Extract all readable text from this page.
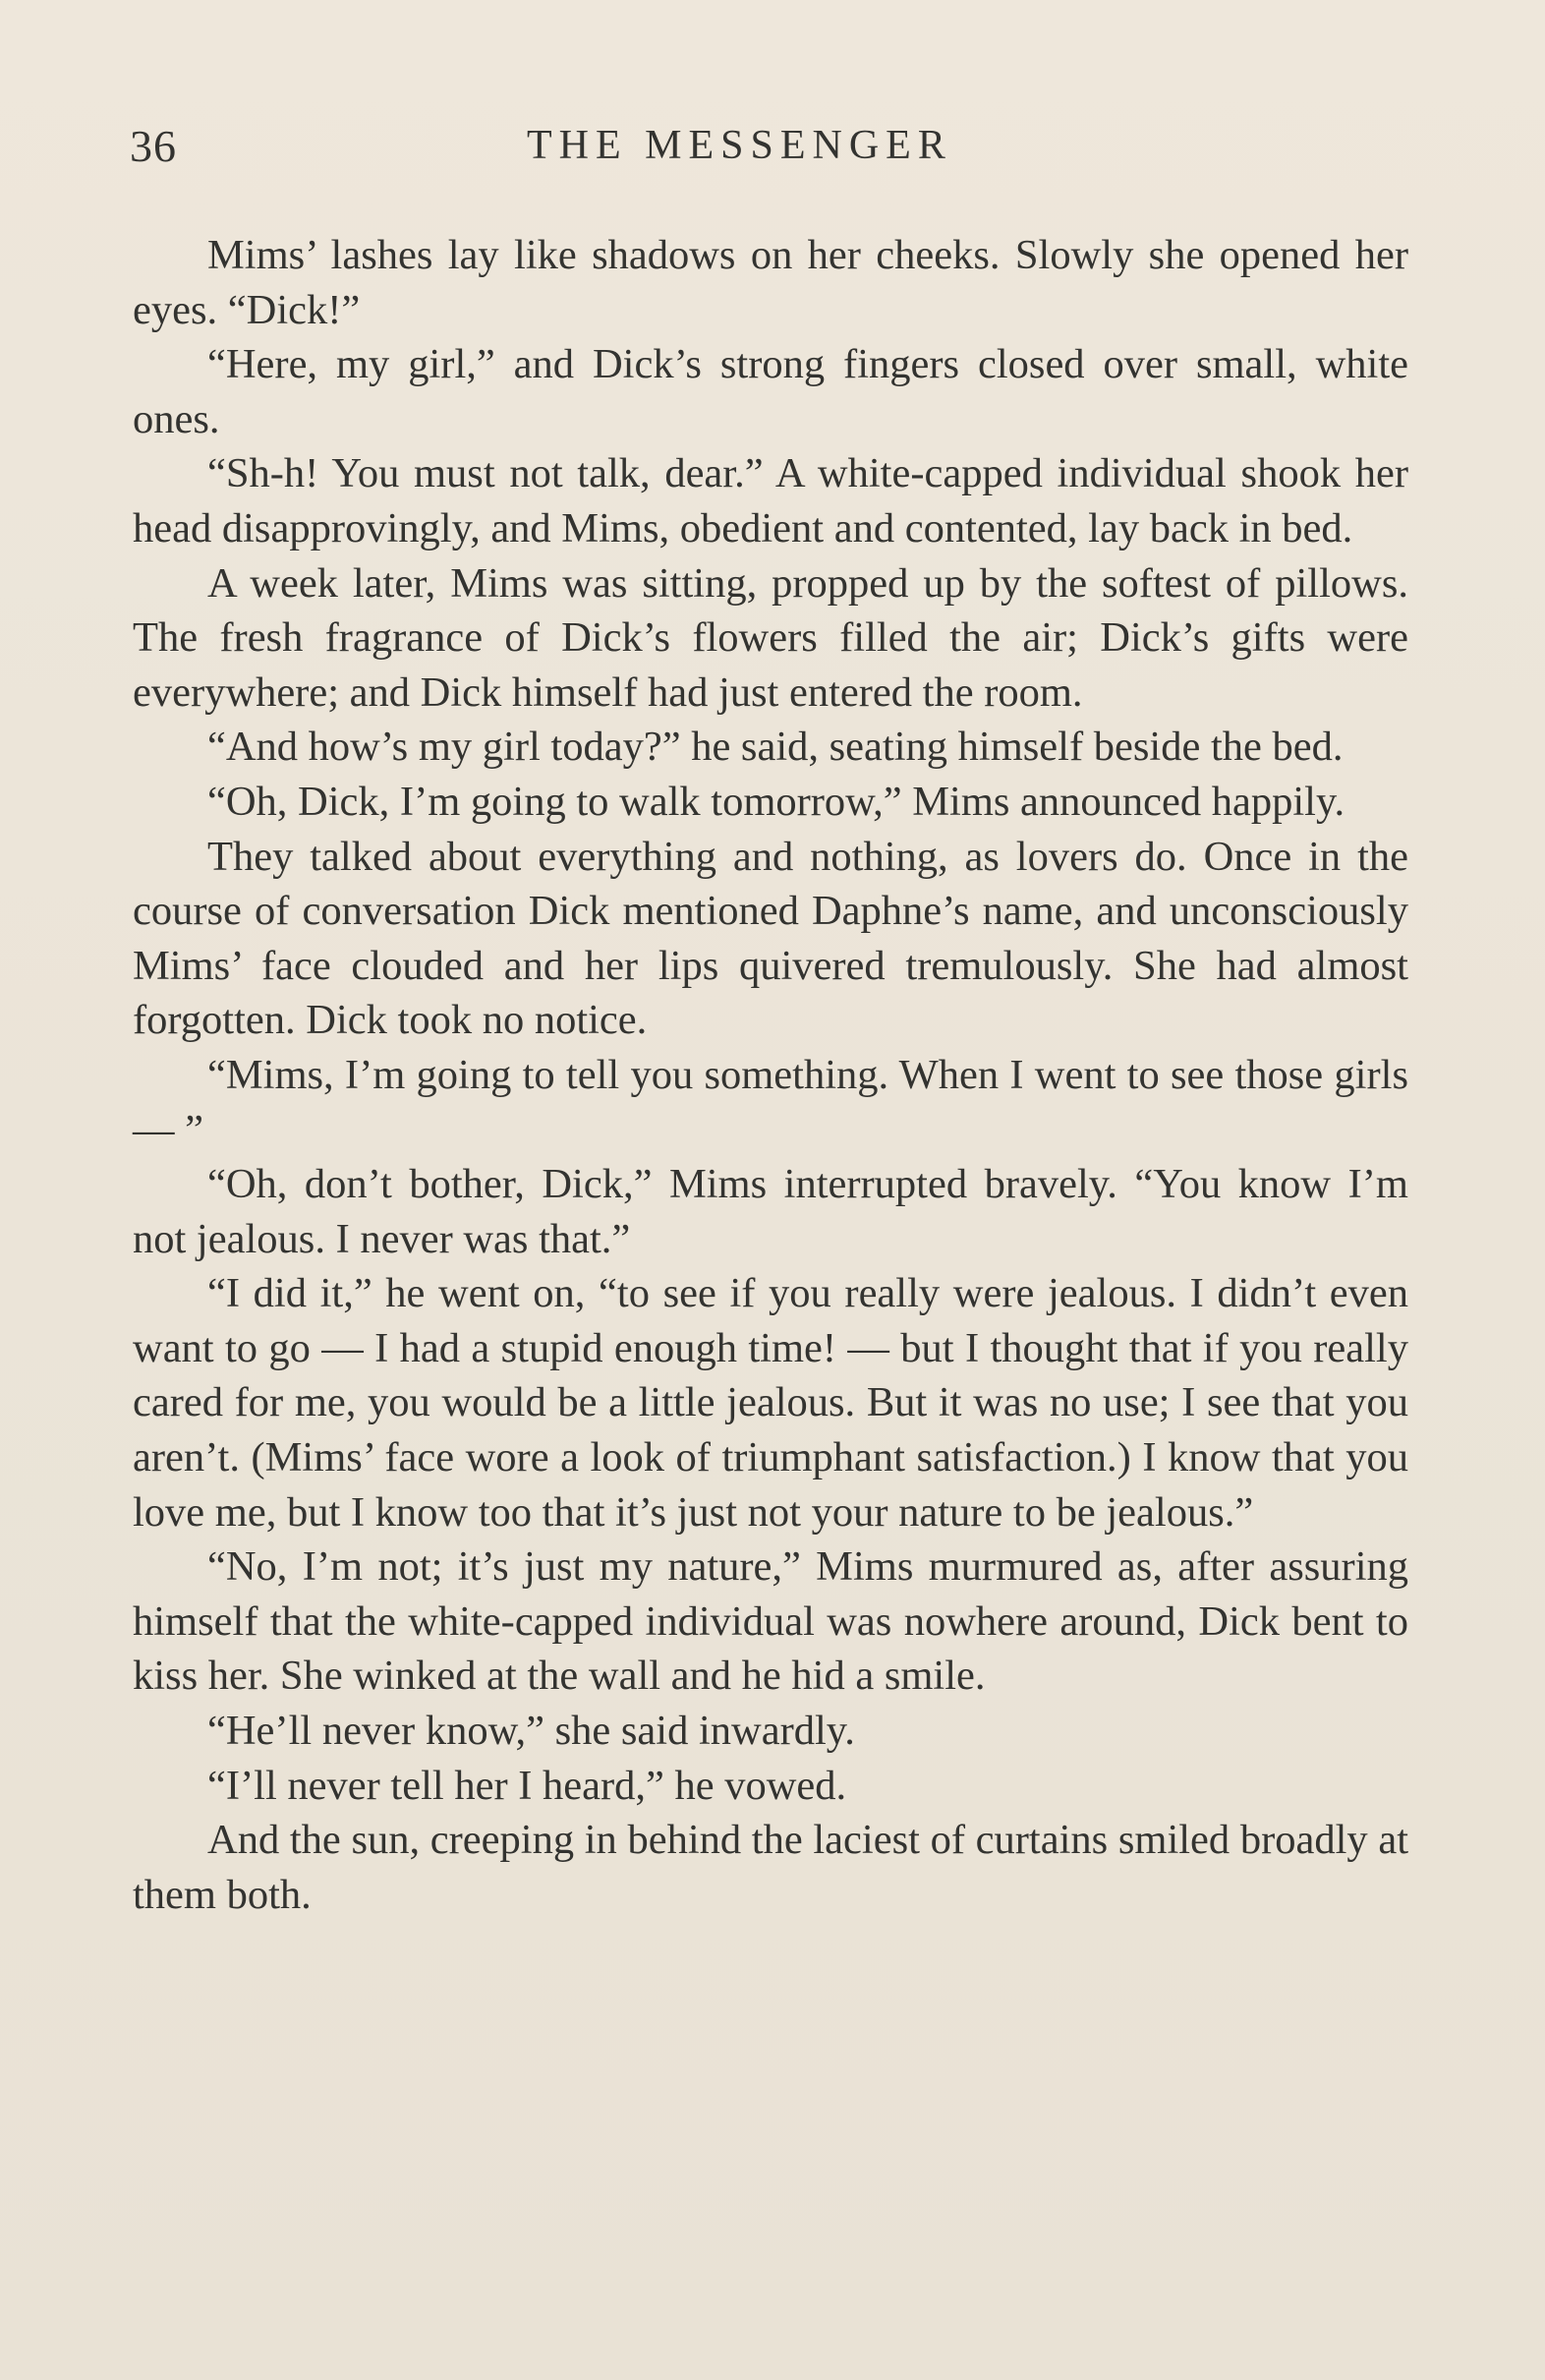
36	THE MESSENGER

Mims’ lashes lay like shadows on her cheeks. Slowly she opened her eyes. “Dick!”

“Here, my girl,” and Dick’s strong fingers closed over small, white ones.

“Sh-h! You must not talk, dear.” A white-capped individual shook her head disapprovingly, and Mims, obedient and contented, lay back in bed.

A week later, Mims was sitting, propped up by the softest of pillows. The fresh fragrance of Dick’s flowers filled the air; Dick’s gifts were everywhere; and Dick himself had just entered the room.

“And how’s my girl today?” he said, seating himself beside the bed.

“Oh, Dick, I’m going to walk tomorrow,” Mims announced happily.

They talked about everything and nothing, as lovers do. Once in the course of conversation Dick mentioned Daphne’s name, and unconsciously Mims’ face clouded and her lips quivered tremulously. She had almost forgotten. Dick took no notice.

“Mims, I’m going to tell you something. When I went to see those girls — ”

“Oh, don’t bother, Dick,” Mims interrupted bravely. “You know I’m not jealous. I never was that.”

“I did it,” he went on, “to see if you really were jealous. I didn’t even want to go — I had a stupid enough time! — but I thought that if you really cared for me, you would be a little jealous. But it was no use; I see that you aren’t. (Mims’ face wore a look of triumphant satisfaction.) I know that you love me, but I know too that it’s just not your nature to be jealous.”

“No, I’m not; it’s just my nature,” Mims murmured as, after assuring himself that the white-capped individual was nowhere around, Dick bent to kiss her. She winked at the wall and he hid a smile.

“He’ll never know,” she said inwardly.

“I’ll never tell her I heard,” he vowed.

And the sun, creeping in behind the laciest of curtains smiled broadly at them both.
